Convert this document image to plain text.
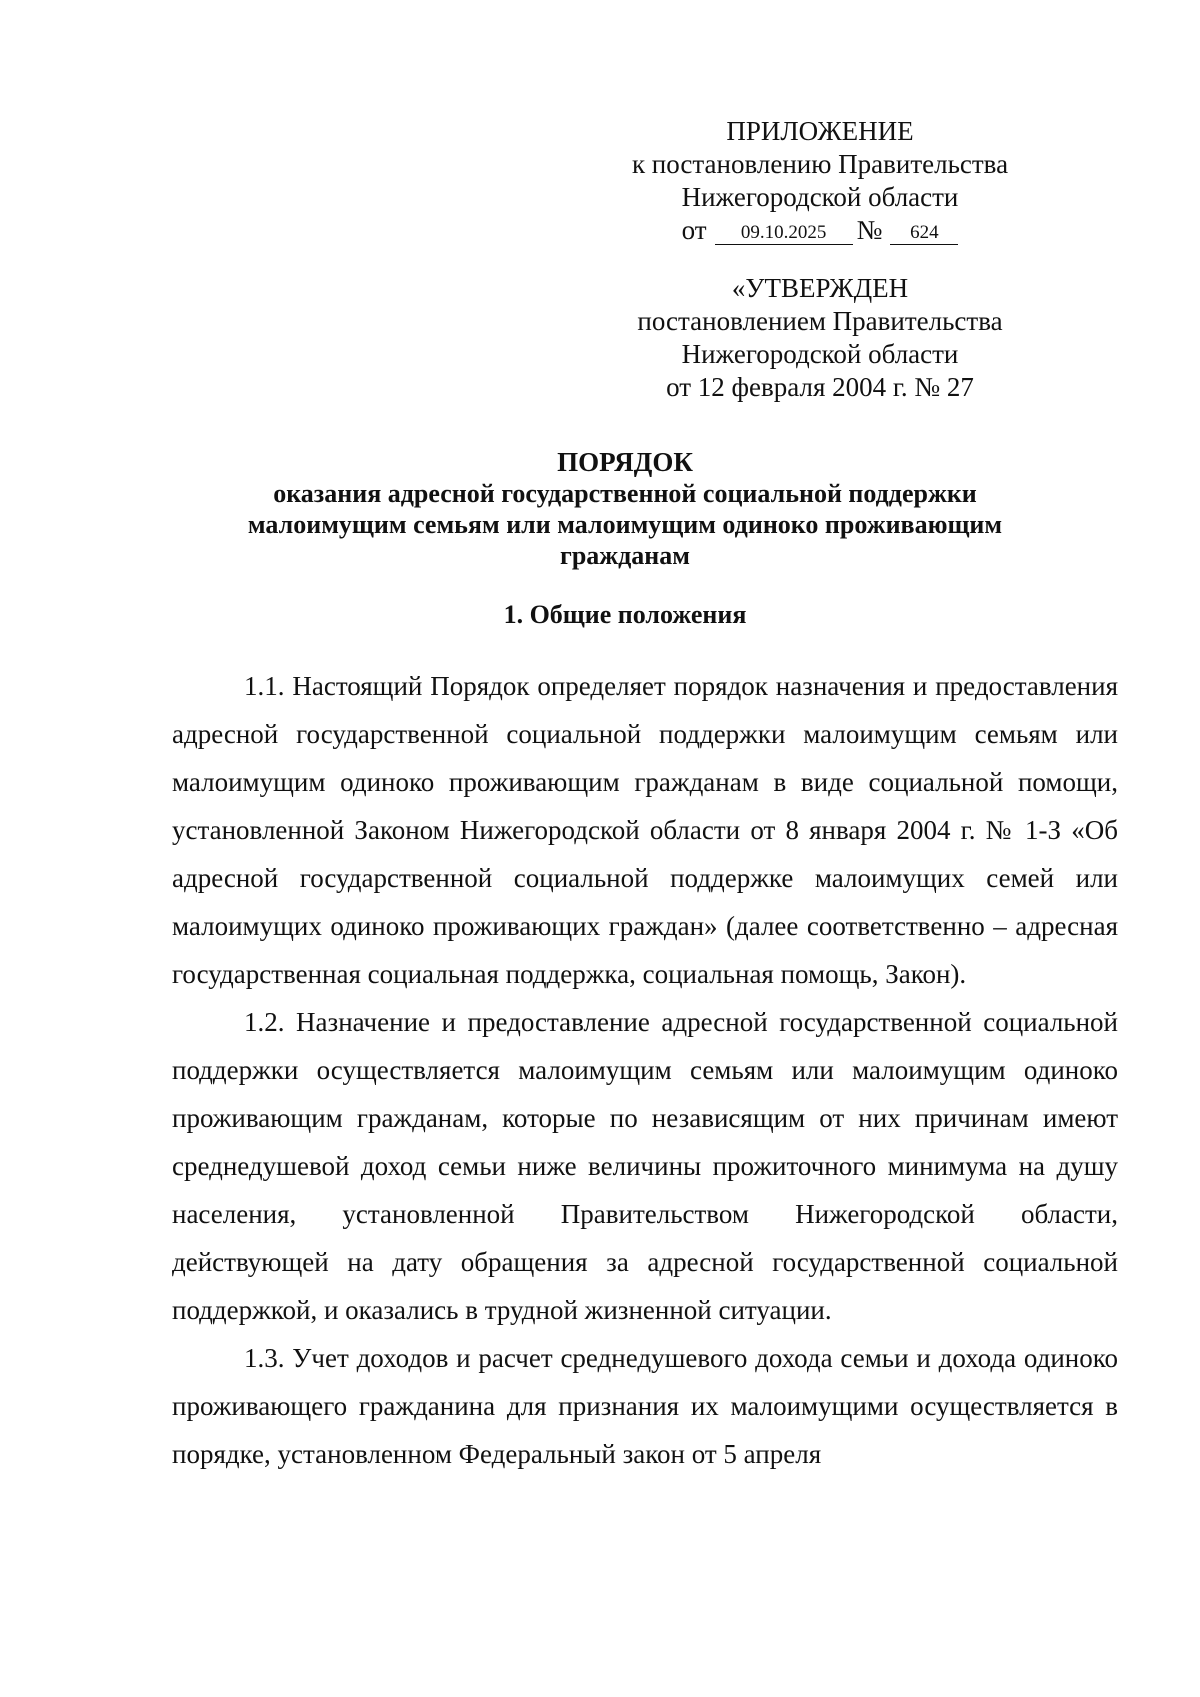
ПРИЛОЖЕНИЕ
к постановлению Правительства
Нижегородской области
от 09.10.2025 № 624
«УТВЕРЖДЕН
постановлением Правительства
Нижегородской области
от 12 февраля 2004 г. № 27
ПОРЯДОК
оказания адресной государственной социальной поддержки
малоимущим семьям или малоимущим одиноко проживающим
гражданам
1. Общие положения

1.1. Настоящий Порядок определяет порядок назначения и предоставления адресной государственной социальной поддержки малоимущим семьям или малоимущим одиноко проживающим гражданам в виде социальной помощи, установленной Законом Нижегородской области от 8 января 2004 г. № 1-З «Об адресной государственной социальной поддержке малоимущих семей или малоимущих одиноко проживающих граждан» (далее соответственно – адресная государственная социальная поддержка, социальная помощь, Закон).

1.2. Назначение и предоставление адресной государственной социальной поддержки осуществляется малоимущим семьям или малоимущим одиноко проживающим гражданам, которые по независящим от них причинам имеют среднедушевой доход семьи ниже величины прожиточного минимума на душу населения, установленной Правительством Нижегородской области, действующей на дату обращения за адресной государственной социальной поддержкой, и оказались в трудной жизненной ситуации.

1.3. Учет доходов и расчет среднедушевого дохода семьи и дохода одиноко проживающего гражданина для признания их малоимущими осуществляется в порядке, установленном Федеральный закон от 5 апреля
